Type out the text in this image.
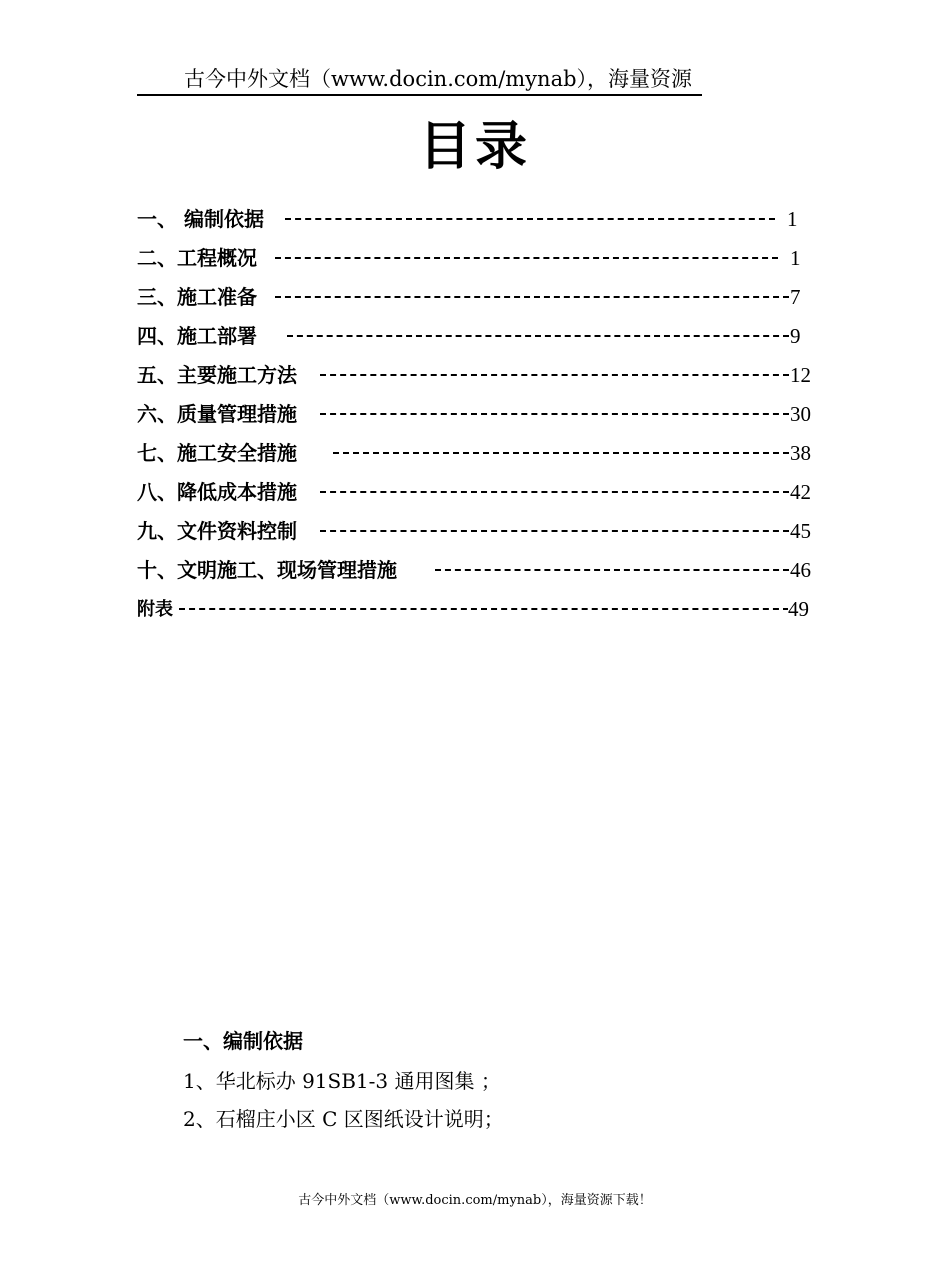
古今中外文档（www.docin.com/mynab），海量资源
目录
一、 编制依据	1
二、工程概况	1
三、施工准备	7
四、施工部署	9
五、主要施工方法	12
六、质量管理措施	30
七、施工安全措施	38
八、降低成本措施	42
九、文件资料控制	45
十、文明施工、现场管理措施	46
附表	49
一、编制依据
1、华北标办 91SB1-3 通用图集 ；
2、石榴庄小区 C 区图纸设计说明；
古今中外文档（www.docin.com/mynab），海量资源下载！
